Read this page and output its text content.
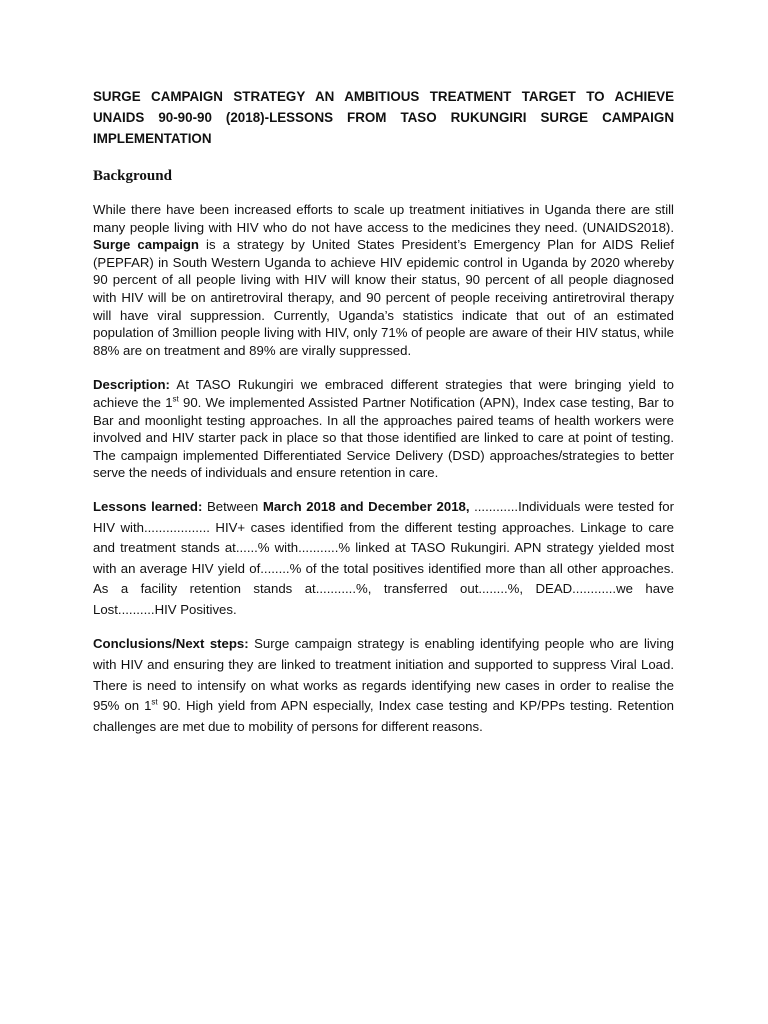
SURGE CAMPAIGN STRATEGY AN AMBITIOUS TREATMENT TARGET TO ACHIEVE UNAIDS 90-90-90 (2018)-LESSONS FROM TASO RUKUNGIRI SURGE CAMPAIGN IMPLEMENTATION

Background

While there have been increased efforts to scale up treatment initiatives in Uganda there are still many people living with HIV who do not have access to the medicines they need. (UNAIDS2018). Surge campaign is a strategy by United States President’s Emergency Plan for AIDS Relief (PEPFAR) in South Western Uganda to achieve HIV epidemic control in Uganda by 2020 whereby 90 percent of all people living with HIV will know their status, 90 percent of all people diagnosed with HIV will be on antiretroviral therapy, and 90 percent of people receiving antiretroviral therapy will have viral suppression. Currently, Uganda’s statistics indicate that out of an estimated population of 3million people living with HIV, only 71% of people are aware of their HIV status, while 88% are on treatment and 89% are virally suppressed.

Description: At TASO Rukungiri we embraced different strategies that were bringing yield to achieve the 1st 90. We implemented Assisted Partner Notification (APN), Index case testing, Bar to Bar and moonlight testing approaches. In all the approaches paired teams of health workers were involved and HIV starter pack in place so that those identified are linked to care at point of testing. The campaign implemented Differentiated Service Delivery (DSD) approaches/strategies to better serve the needs of individuals and ensure retention in care.

Lessons learned: Between March 2018 and December 2018, ............Individuals were tested for HIV with.................. HIV+ cases identified from the different testing approaches. Linkage to care and treatment stands at......% with...........% linked at TASO Rukungiri. APN strategy yielded most with an average HIV yield of........% of the total positives identified more than all other approaches. As a facility retention stands at...........%, transferred out........%, DEAD............we have Lost..........HIV Positives.

Conclusions/Next steps: Surge campaign strategy is enabling identifying people who are living with HIV and ensuring they are linked to treatment initiation and supported to suppress Viral Load. There is need to intensify on what works as regards identifying new cases in order to realise the 95% on 1st 90. High yield from APN especially, Index case testing and KP/PPs testing. Retention challenges are met due to mobility of persons for different reasons.
